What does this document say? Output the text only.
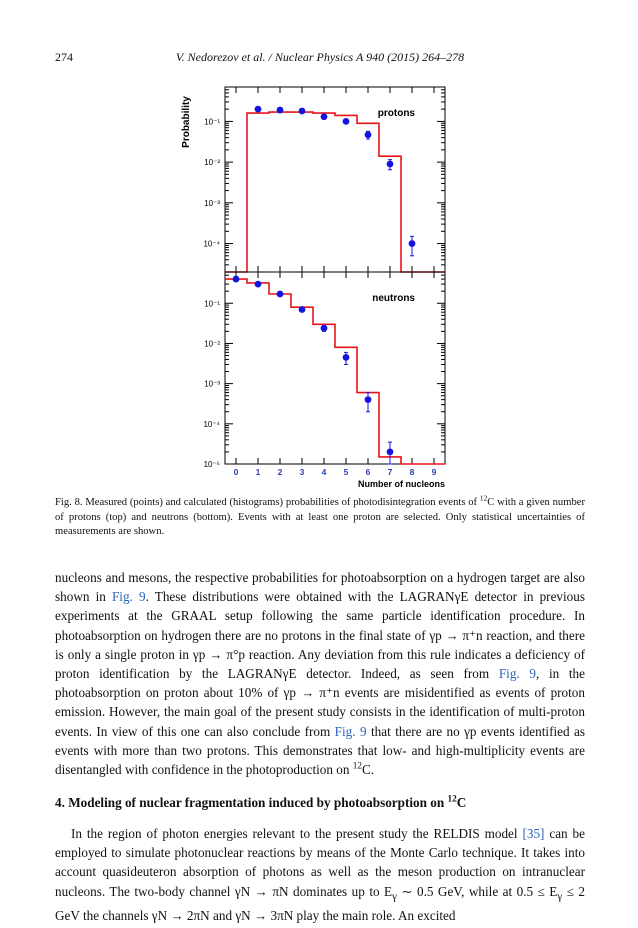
274	V. Nedorezov et al. / Nuclear Physics A 940 (2015) 264–278
10⁻¹
10⁻²
10⁻³
10⁻⁴
protons
Probability
10⁻¹
10⁻²
10⁻³
10⁻⁴
10⁻⁵
0 1 2 3 4 5 6 7 8 9
neutrons
Number of nucleons
Fig. 8. Measured (points) and calculated (histograms) probabilities of photodisintegration events of $^{12}$C with a given number of protons (top) and neutrons (bottom). Events with at least one proton are selected. Only statistical uncertainties of measurements are shown.
nucleons and mesons, the respective probabilities for photoabsorption on a hydrogen target are also shown in Fig. 9. These distributions were obtained with the LAGRANγE detector in previous experiments at the GRAAL setup following the same particle identification procedure. In photoabsorption on hydrogen there are no protons in the final state of γp → π⁺n reaction, and there is only a single proton in γp → π°p reaction. Any deviation from this rule indicates a deficiency of proton identification by the LAGRANγE detector. Indeed, as seen from Fig. 9, in the photoabsorption on proton about 10% of γp → π⁺n events are misidentified as events of proton emission. However, the main goal of the present study consists in the identification of multi-proton events. In view of this one can also conclude from Fig. 9 that there are no γp events identified as events with more than two protons. This demonstrates that low- and high-multiplicity events are disentangled with confidence in the photoproduction on $^{12}$C.
4. Modeling of nuclear fragmentation induced by photoabsorption on $^{12}$C
In the region of photon energies relevant to the present study the RELDIS model [35] can be employed to simulate photonuclear reactions by means of the Monte Carlo technique. It takes into account quasideuteron absorption of photons as well as the meson production on intranuclear nucleons. The two-body channel γN → πN dominates up to $E_\gamma$ ∼ 0.5 GeV, while at $0.5 \le E_\gamma \le 2$ GeV the channels γN → 2πN and γN → 3πN play the main role. An excited
